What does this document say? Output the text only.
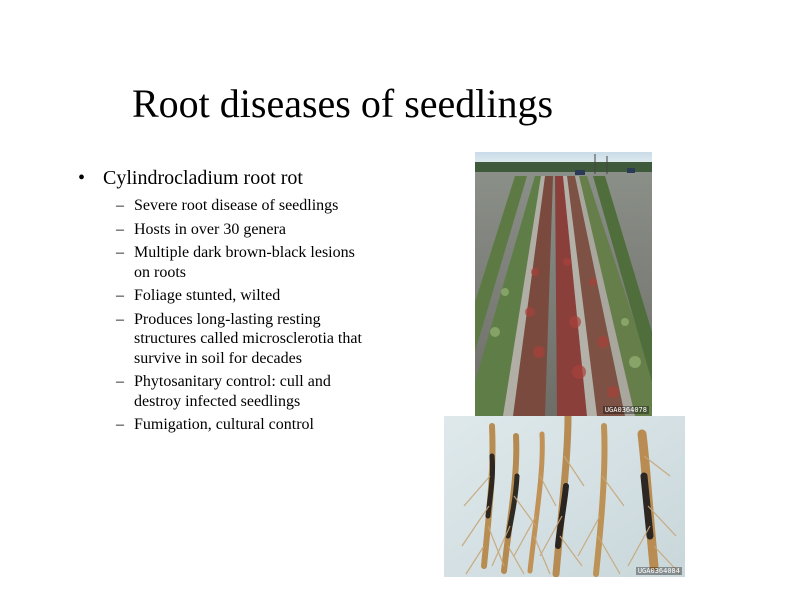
Root diseases of seedlings
• Cylindrocladium root rot
– Severe root disease of seedlings
– Hosts in over 30 genera
– Multiple dark brown-black lesions on roots
– Foliage stunted, wilted
– Produces long-lasting resting structures called microsclerotia that survive in soil for decades
– Phytosanitary control: cull and destroy infected seedlings
– Fumigation, cultural control
UGA0364078
UGA0364084
